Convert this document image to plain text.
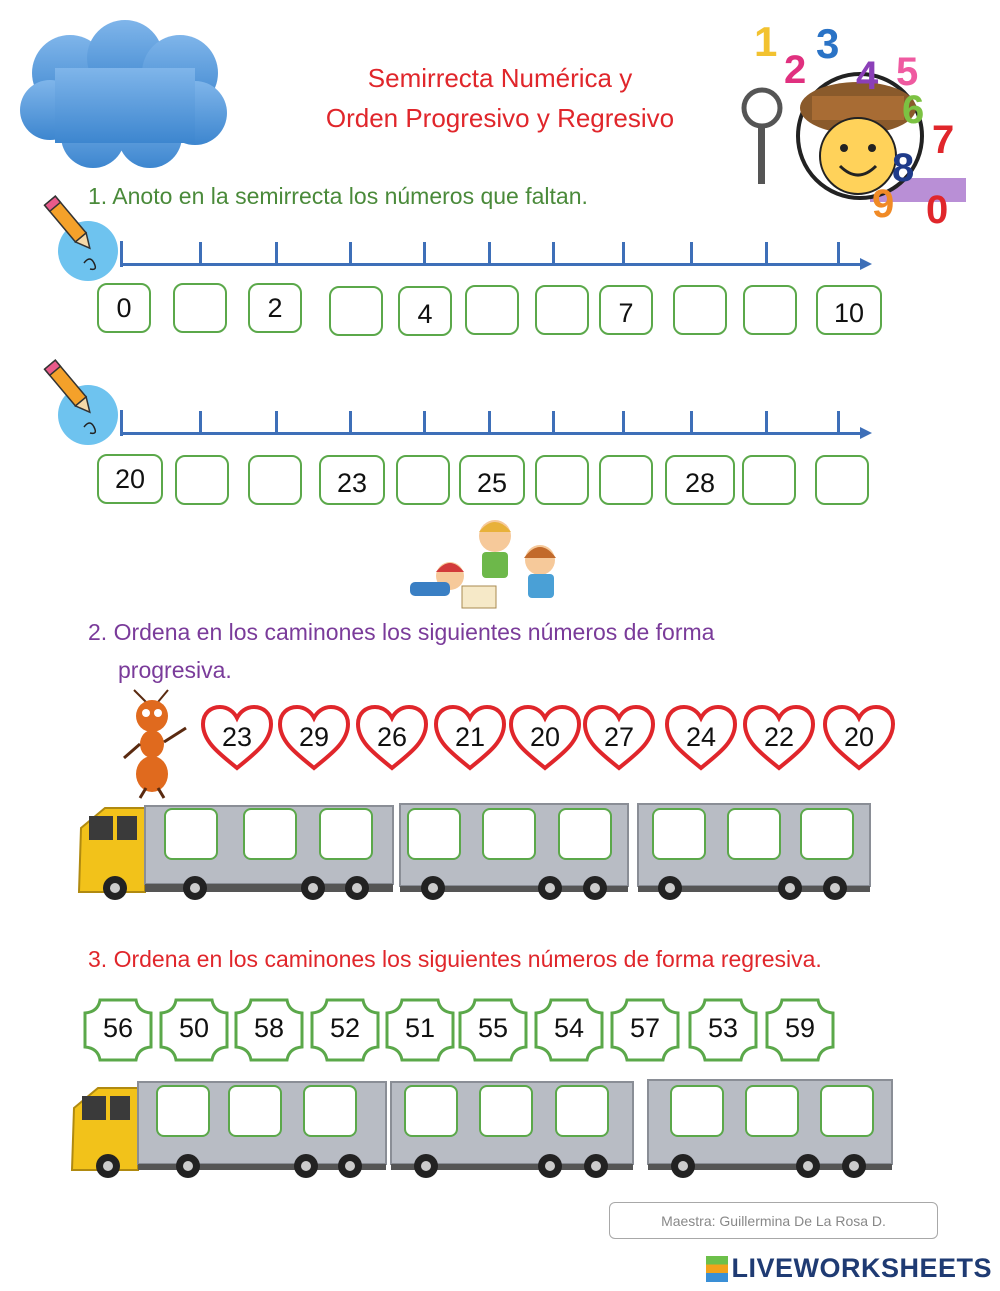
Semirrecta Numérica y
Orden Progresivo y Regresivo
1
2
3
4 5
6
7
8
9 0
1. Anoto en la semirrecta los números que faltan.
0	2	4	7	10
20	23	25	28
2. Ordena en los caminones los siguientes números de forma
progresiva.
23	29	26	21	20	27	24	22	20
3. Ordena en los caminones los siguientes números de forma regresiva.
56	50	58	52	51	55	54	57	53	59
Maestra: Guillermina De La Rosa D.
LIVEWORKSHEETS
